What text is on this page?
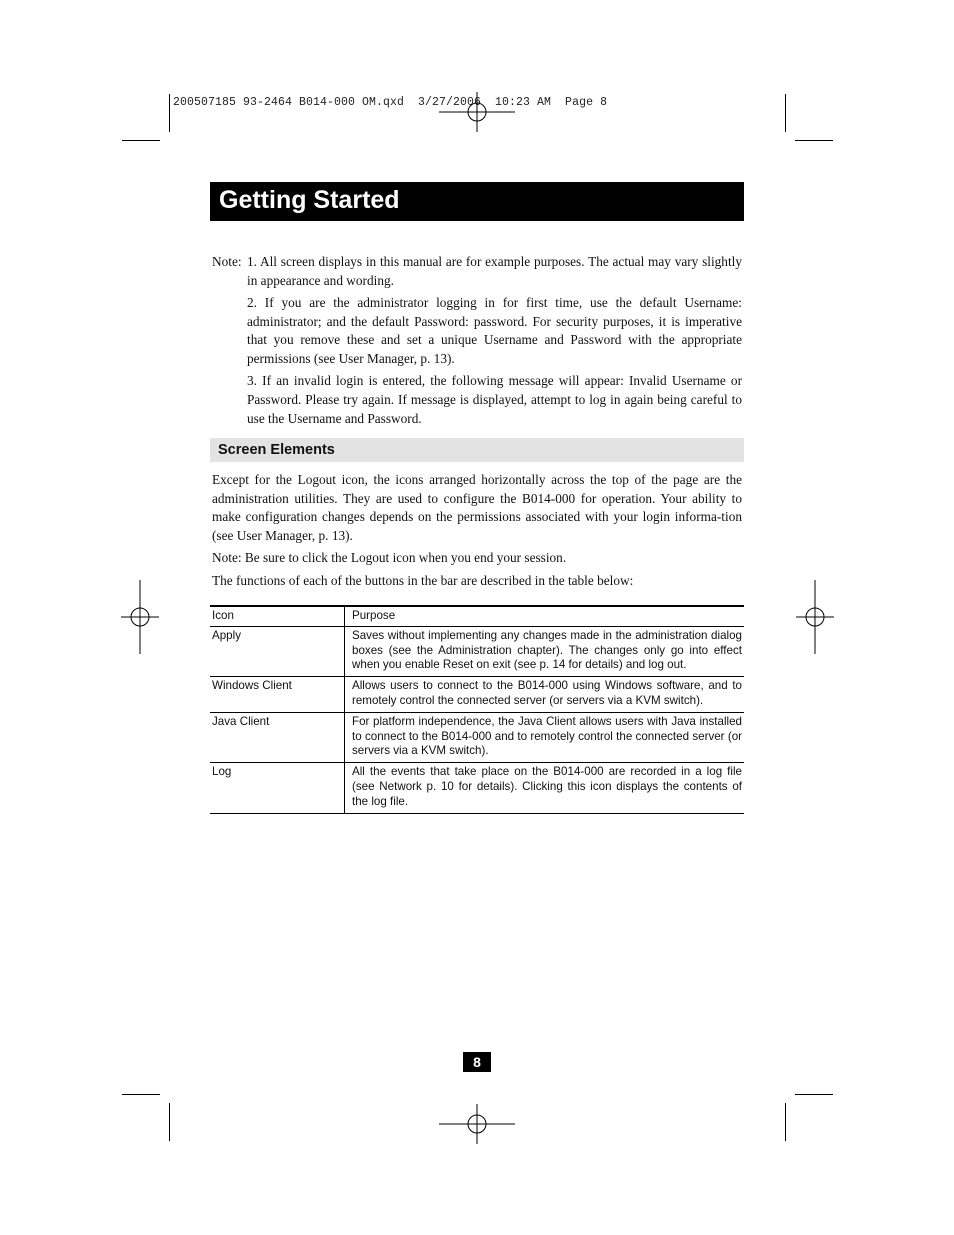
200507185 93-2464 B014-000 OM.qxd  3/27/2006  10:23 AM  Page 8
Getting Started
Note: 1. All screen displays in this manual are for example purposes. The actual may vary slightly in appearance and wording.
2. If you are the administrator logging in for first time, use the default Username: administrator; and the default Password: password. For security purposes, it is imperative that you remove these and set a unique Username and Password with the appropriate permissions (see User Manager, p. 13).
3. If an invalid login is entered, the following message will appear: Invalid Username or Password. Please try again. If message is displayed, attempt to log in again being careful to use the Username and Password.
Screen Elements

Except for the Logout icon, the icons arranged horizontally across the top of the page are the administration utilities. They are used to configure the B014-000 for operation. Your ability to make configuration changes depends on the permissions associated with your login informa-tion (see User Manager, p. 13).

Note: Be sure to click the Logout icon when you end your session.

The functions of each of the buttons in the bar are described in the table below:

Icon	Purpose
Apply	Saves without implementing any changes made in the administration dialog boxes (see the Administration chapter). The changes only go into effect when you enable Reset on exit (see p. 14 for details) and log out.
Windows Client	Allows users to connect to the B014-000 using Windows software, and to remotely control the connected server (or servers via a KVM switch).
Java Client	For platform independence, the Java Client allows users with Java installed to connect to the B014-000 and to remotely control the connected server (or servers via a KVM switch).
Log	All the events that take place on the B014-000 are recorded in a log file (see Network p. 10 for details). Clicking this icon displays the contents of the log file.
8
